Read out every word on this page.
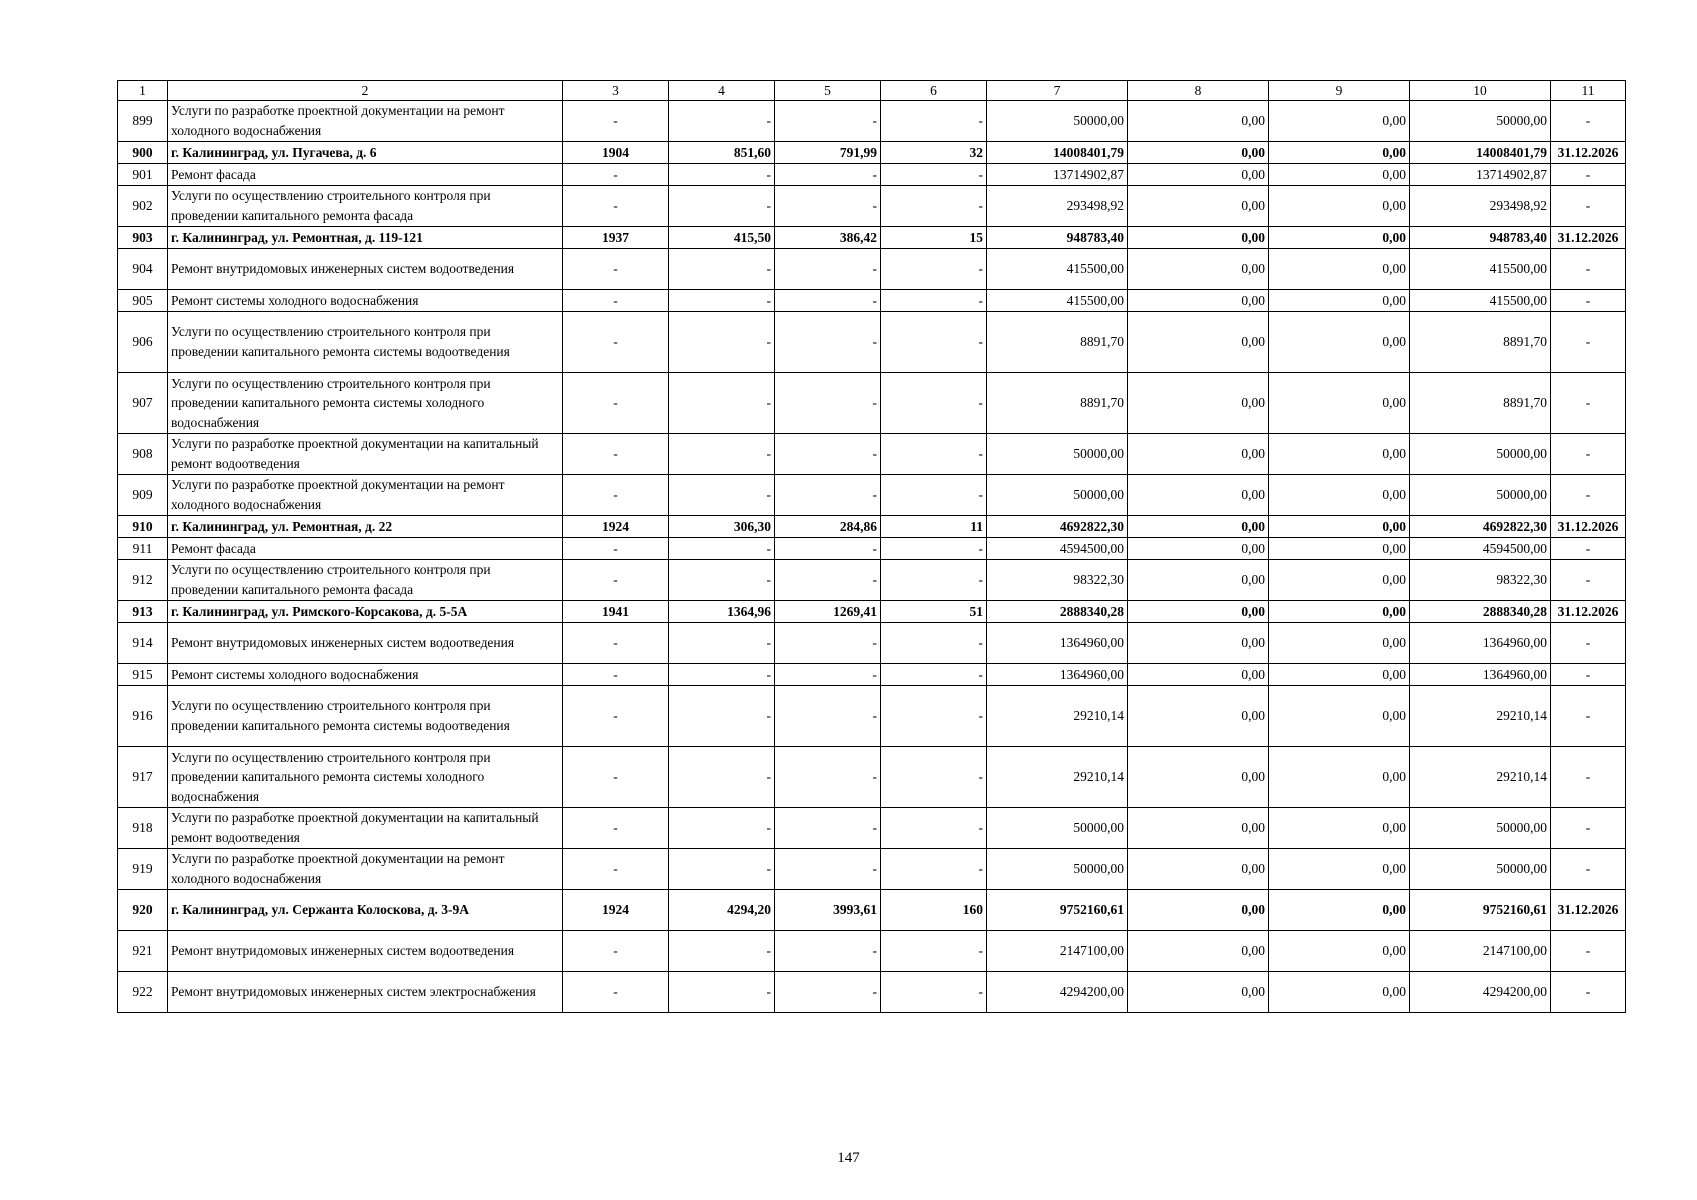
1	2	3	4	5	6	7	8	9	10	11
899	Услуги по разработке проектной документации на ремонт холодного водоснабжения	-	-	-	-	50000,00	0,00	0,00	50000,00	-
900	г. Калининград, ул. Пугачева, д. 6	1904	851,60	791,99	32	14008401,79	0,00	0,00	14008401,79	31.12.2026
901	Ремонт фасада	-	-	-	-	13714902,87	0,00	0,00	13714902,87	-
902	Услуги по осуществлению строительного контроля при проведении капитального ремонта фасада	-	-	-	-	293498,92	0,00	0,00	293498,92	-
903	г. Калининград, ул. Ремонтная, д. 119-121	1937	415,50	386,42	15	948783,40	0,00	0,00	948783,40	31.12.2026
904	Ремонт внутридомовых инженерных систем водоотведения	-	-	-	-	415500,00	0,00	0,00	415500,00	-
905	Ремонт системы холодного водоснабжения	-	-	-	-	415500,00	0,00	0,00	415500,00	-
906	Услуги по осуществлению строительного контроля при проведении капитального ремонта системы водоотведения	-	-	-	-	8891,70	0,00	0,00	8891,70	-
907	Услуги по осуществлению строительного контроля при проведении капитального ремонта системы холодного водоснабжения	-	-	-	-	8891,70	0,00	0,00	8891,70	-
908	Услуги по разработке проектной документации на капитальный ремонт водоотведения	-	-	-	-	50000,00	0,00	0,00	50000,00	-
909	Услуги по разработке проектной документации на ремонт холодного водоснабжения	-	-	-	-	50000,00	0,00	0,00	50000,00	-
910	г. Калининград, ул. Ремонтная, д. 22	1924	306,30	284,86	11	4692822,30	0,00	0,00	4692822,30	31.12.2026
911	Ремонт фасада	-	-	-	-	4594500,00	0,00	0,00	4594500,00	-
912	Услуги по осуществлению строительного контроля при проведении капитального ремонта фасада	-	-	-	-	98322,30	0,00	0,00	98322,30	-
913	г. Калининград, ул. Римского-Корсакова, д. 5-5А	1941	1364,96	1269,41	51	2888340,28	0,00	0,00	2888340,28	31.12.2026
914	Ремонт внутридомовых инженерных систем водоотведения	-	-	-	-	1364960,00	0,00	0,00	1364960,00	-
915	Ремонт системы холодного водоснабжения	-	-	-	-	1364960,00	0,00	0,00	1364960,00	-
916	Услуги по осуществлению строительного контроля при проведении капитального ремонта системы водоотведения	-	-	-	-	29210,14	0,00	0,00	29210,14	-
917	Услуги по осуществлению строительного контроля при проведении капитального ремонта системы холодного водоснабжения	-	-	-	-	29210,14	0,00	0,00	29210,14	-
918	Услуги по разработке проектной документации на капитальный ремонт водоотведения	-	-	-	-	50000,00	0,00	0,00	50000,00	-
919	Услуги по разработке проектной документации на ремонт холодного водоснабжения	-	-	-	-	50000,00	0,00	0,00	50000,00	-
920	г. Калининград, ул. Сержанта Колоскова, д. 3-9А	1924	4294,20	3993,61	160	9752160,61	0,00	0,00	9752160,61	31.12.2026
921	Ремонт внутридомовых инженерных систем водоотведения	-	-	-	-	2147100,00	0,00	0,00	2147100,00	-
922	Ремонт внутридомовых инженерных систем электроснабжения	-	-	-	-	4294200,00	0,00	0,00	4294200,00	-
147
